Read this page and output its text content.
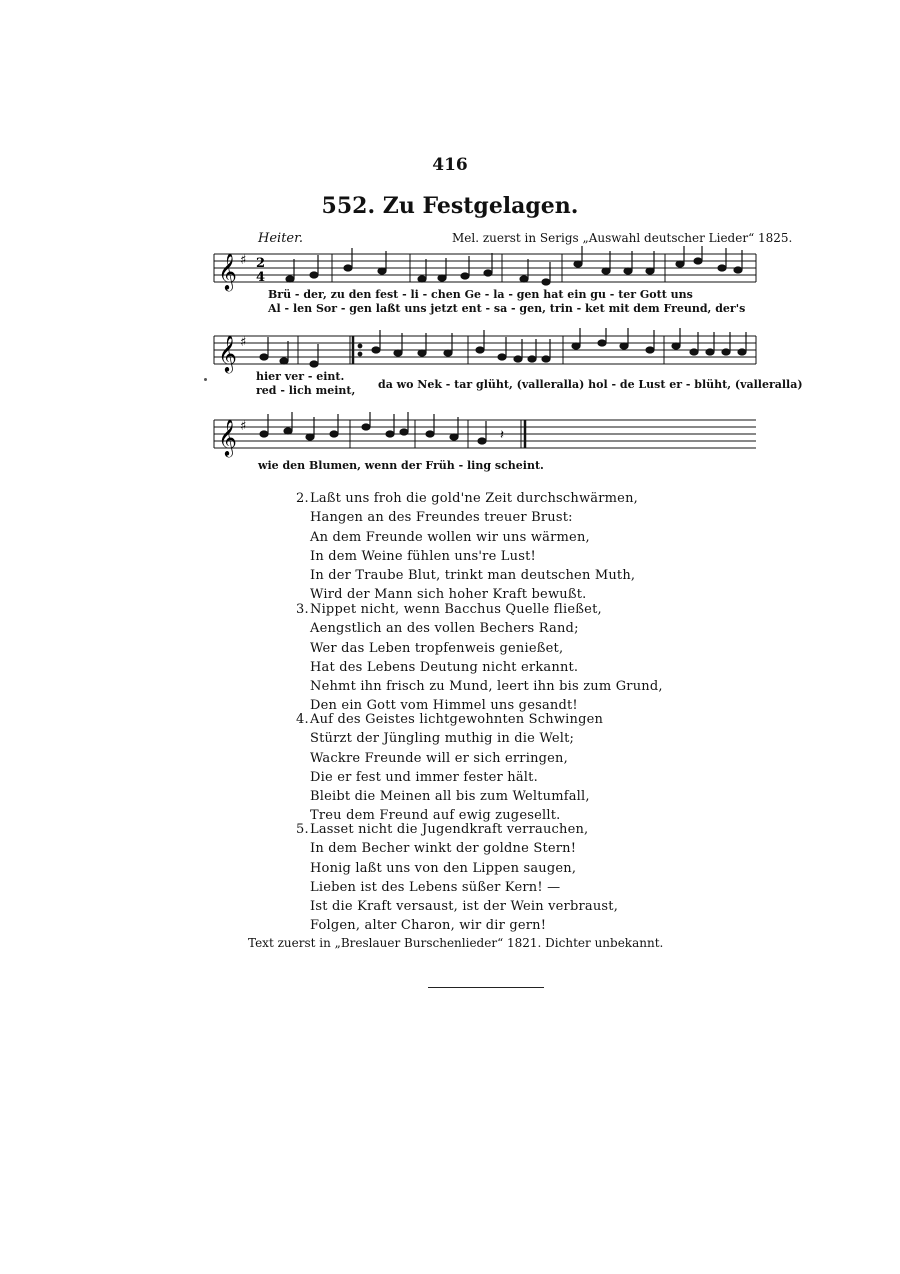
416
552. Zu Festgelagen.
Heiter.	Mel. zuerst in Serigs „Auswahl deutscher Lieder“ 1825.
𝄞 ♯ 2
4
Brü - der, zu den fest - li - chen Ge - la - gen hat ein gu - ter Gott uns
Al - len Sor - gen laßt uns jetzt ent - sa - gen, trin - ket mit dem Freund, der's
𝄞 ♯
hier ver - eint.
red - lich meint, da wo Nek - tar glüht, (valleralla) hol - de Lust er - blüht, (valleralla)
𝄞 ♯
𝄽
wie den Blumen, wenn der Früh - ling scheint.
2.Laßt uns froh die gold'ne Zeit durchschwärmen,
Hangen an des Freundes treuer Brust:
An dem Freunde wollen wir uns wärmen,
In dem Weine fühlen uns're Lust!
In der Traube Blut, trinkt man deutschen Muth,
Wird der Mann sich hoher Kraft bewußt.
3.Nippet nicht, wenn Bacchus Quelle fließet,
Aengstlich an des vollen Bechers Rand;
Wer das Leben tropfenweis genießet,
Hat des Lebens Deutung nicht erkannt.
Nehmt ihn frisch zu Mund, leert ihn bis zum Grund,
Den ein Gott vom Himmel uns gesandt!
4.Auf des Geistes lichtgewohnten Schwingen
Stürzt der Jüngling muthig in die Welt;
Wackre Freunde will er sich erringen,
Die er fest und immer fester hält.
Bleibt die Meinen all bis zum Weltumfall,
Treu dem Freund auf ewig zugesellt.
5.Lasset nicht die Jugendkraft verrauchen,
In dem Becher winkt der goldne Stern!
Honig laßt uns von den Lippen saugen,
Lieben ist des Lebens süßer Kern! —
Ist die Kraft versaust, ist der Wein verbraust,
Folgen, alter Charon, wir dir gern!
Text zuerst in „Breslauer Burschenlieder“ 1821. Dichter unbekannt.
